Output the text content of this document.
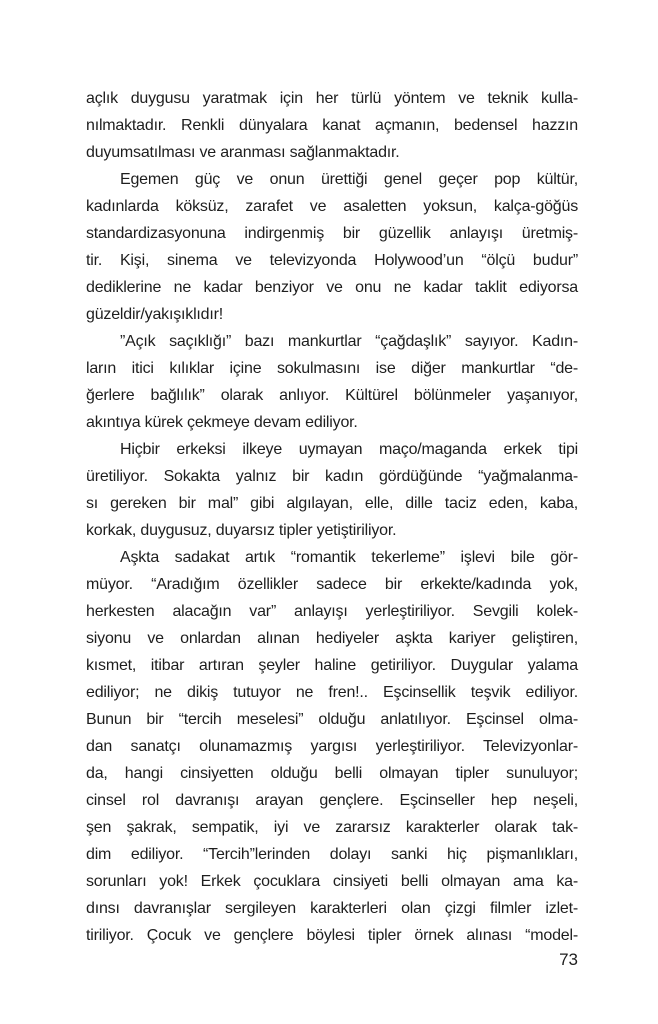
açlık duygusu yaratmak için her türlü yöntem ve teknik kulla-
nılmaktadır. Renkli dünyalara kanat açmanın, bedensel hazzın
duyumsatılması ve aranması sağlanmaktadır.
Egemen güç ve onun ürettiği genel geçer pop kültür,
kadınlarda köksüz, zarafet ve asaletten yoksun, kalça-göğüs
standardizasyonuna indirgenmiş bir güzellik anlayışı üretmiş-
tir. Kişi, sinema ve televizyonda Holywood’un “ölçü budur”
dediklerine ne kadar benziyor ve onu ne kadar taklit ediyorsa
güzeldir/yakışıklıdır!
”Açık saçıklığı” bazı mankurtlar “çağdaşlık” sayıyor. Kadın-
ların itici kılıklar içine sokulmasını ise diğer mankurtlar “de-
ğerlere bağlılık” olarak anlıyor. Kültürel bölünmeler yaşanıyor,
akıntıya kürek çekmeye devam ediliyor.
Hiçbir erkeksi ilkeye uymayan maço/maganda erkek tipi
üretiliyor. Sokakta yalnız bir kadın gördüğünde “yağmalanma-
sı gereken bir mal” gibi algılayan, elle, dille taciz eden, kaba,
korkak, duygusuz, duyarsız tipler yetiştiriliyor.
Aşkta sadakat artık “romantik tekerleme” işlevi bile gör-
müyor. “Aradığım özellikler sadece bir erkekte/kadında yok,
herkesten alacağın var” anlayışı yerleştiriliyor. Sevgili kolek-
siyonu ve onlardan alınan hediyeler aşkta kariyer geliştiren,
kısmet, itibar artıran şeyler haline getiriliyor. Duygular yalama
ediliyor; ne dikiş tutuyor ne fren!.. Eşcinsellik teşvik ediliyor.
Bunun bir “tercih meselesi” olduğu anlatılıyor. Eşcinsel olma-
dan sanatçı olunamazmış yargısı yerleştiriliyor. Televizyonlar-
da, hangi cinsiyetten olduğu belli olmayan tipler sunuluyor;
cinsel rol davranışı arayan gençlere. Eşcinseller hep neşeli,
şen şakrak, sempatik, iyi ve zararsız karakterler olarak tak-
dim ediliyor. “Tercih”lerinden dolayı sanki hiç pişmanlıkları,
sorunları yok! Erkek çocuklara cinsiyeti belli olmayan ama ka-
dınsı davranışlar sergileyen karakterleri olan çizgi filmler izlet-
tiriliyor. Çocuk ve gençlere böylesi tipler örnek alınası “model-
73
